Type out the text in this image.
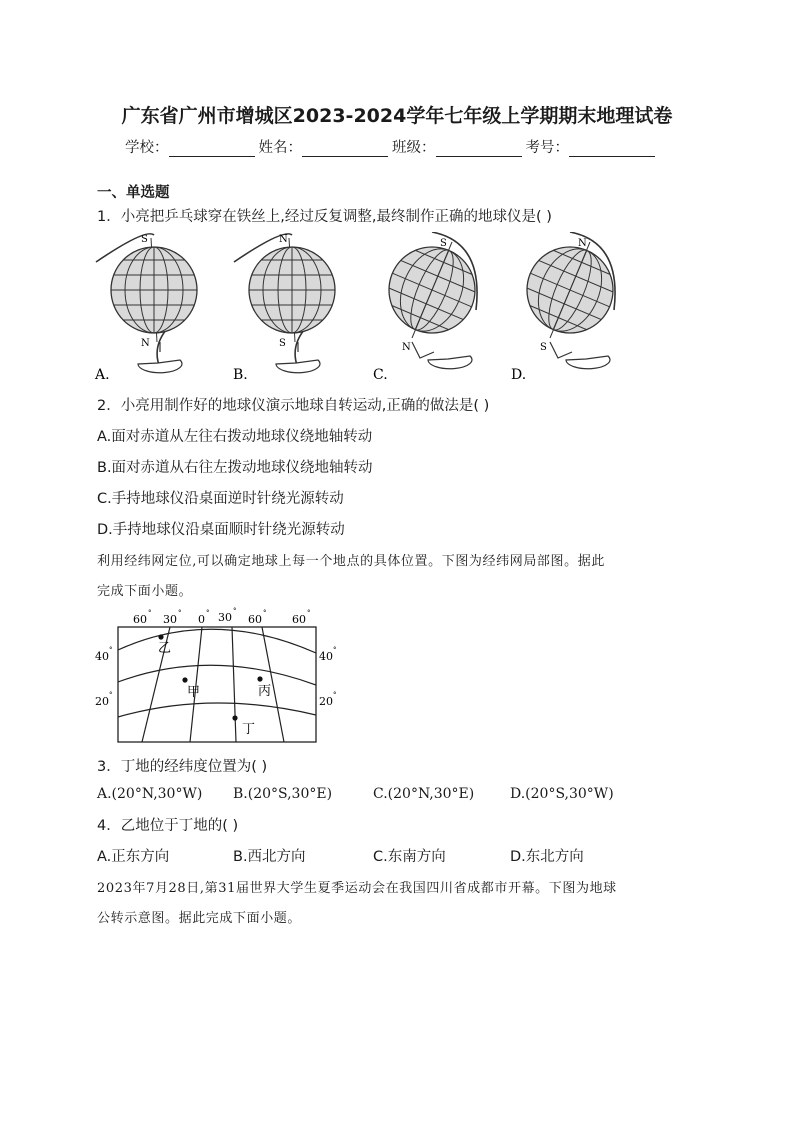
广东省广州市增城区2023-2024学年七年级上学期期末地理试卷
学校：	姓名：	班级：	考号：
一、单选题
1．小亮把乒乓球穿在铁丝上,经过反复调整,最终制作正确的地球仪是( )
S
N
N
S
S
N
N
S
A.	B.	C.	D.
2．小亮用制作好的地球仪演示地球自转运动,正确的做法是( )
A.面对赤道从左往右拨动地球仪绕地轴转动
B.面对赤道从右往左拨动地球仪绕地轴转动
C.手持地球仪沿桌面逆时针绕光源转动
D.手持地球仪沿桌面顺时针绕光源转动
利用经纬网定位,可以确定地球上每一个地点的具体位置。下图为经纬网局部图。据此
完成下面小题。
乙
甲	丙
丁
60 ° 30 ° 0 ° 30 °
60 ° 60 °
40 °
20 °
40 °
20 °
3．丁地的经纬度位置为( )
A.(20°N,30°W) B.(20°S,30°E)	C.(20°N,30°E)	D.(20°S,30°W)
4．乙地位于丁地的( )
A.正东方向	B.西北方向	C.东南方向	D.东北方向
2023年7月28日,第31届世界大学生夏季运动会在我国四川省成都市开幕。下图为地球
公转示意图。据此完成下面小题。
